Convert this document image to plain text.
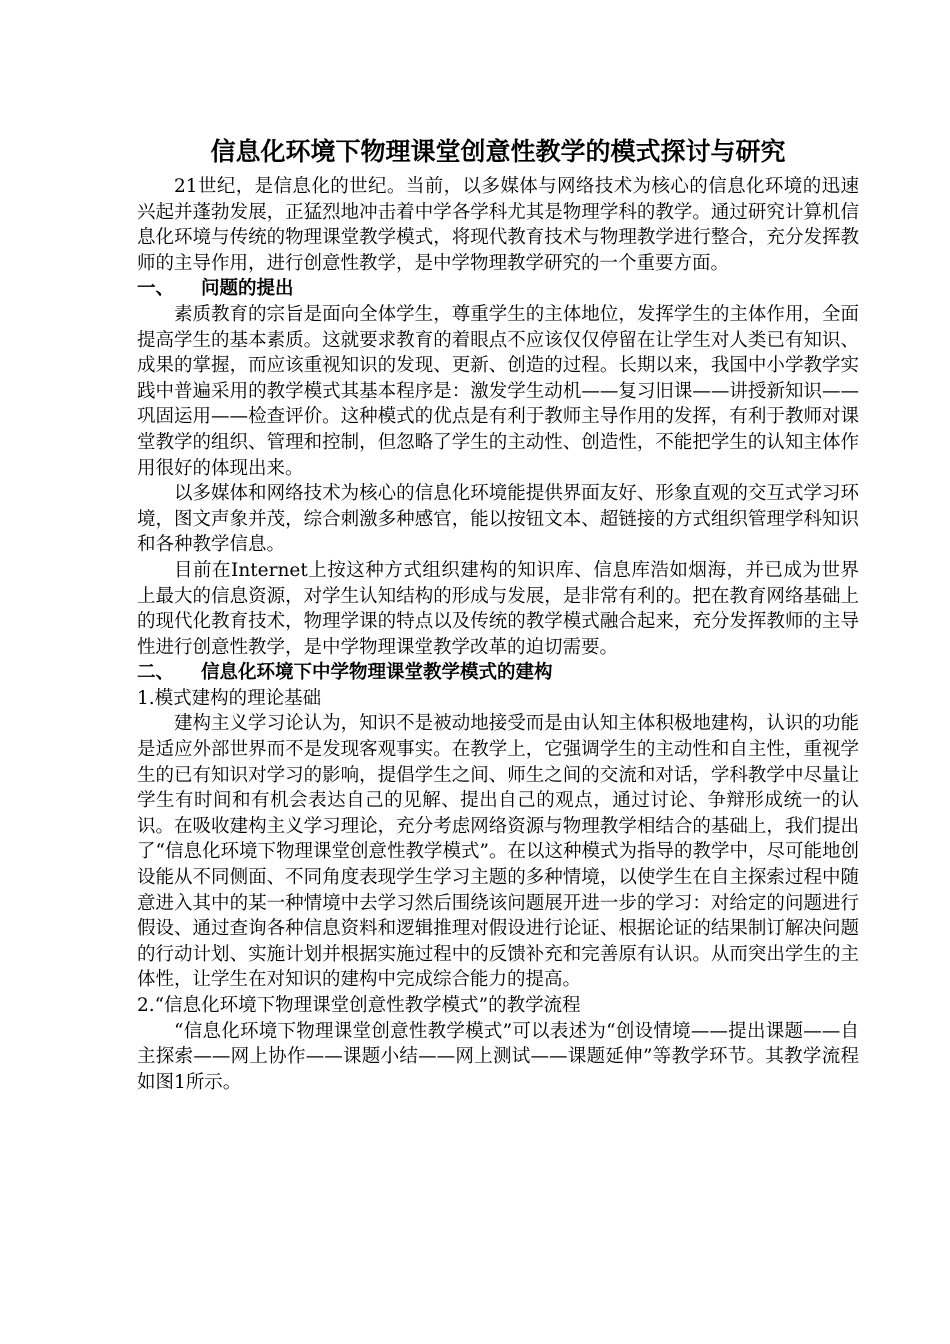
信息化环境下物理课堂创意性教学的模式探讨与研究

21世纪，是信息化的世纪。当前，以多媒体与网络技术为核心的信息化环境的迅速兴起并蓬勃发展，正猛烈地冲击着中学各学科尤其是物理学科的教学。通过研究计算机信息化环境与传统的物理课堂教学模式，将现代教育技术与物理教学进行整合，充分发挥教师的主导作用，进行创意性教学，是中学物理教学研究的一个重要方面。

一、	问题的提出

素质教育的宗旨是面向全体学生，尊重学生的主体地位，发挥学生的主体作用，全面提高学生的基本素质。这就要求教育的着眼点不应该仅仅停留在让学生对人类已有知识、成果的掌握，而应该重视知识的发现、更新、创造的过程。长期以来，我国中小学教学实践中普遍采用的教学模式其基本程序是：激发学生动机——复习旧课——讲授新知识——巩固运用——检查评价。这种模式的优点是有利于教师主导作用的发挥，有利于教师对课堂教学的组织、管理和控制，但忽略了学生的主动性、创造性，不能把学生的认知主体作用很好的体现出来。

以多媒体和网络技术为核心的信息化环境能提供界面友好、形象直观的交互式学习环境，图文声象并茂，综合刺激多种感官，能以按钮文本、超链接的方式组织管理学科知识和各种教学信息。

目前在Internet上按这种方式组织建构的知识库、信息库浩如烟海，并已成为世界上最大的信息资源，对学生认知结构的形成与发展，是非常有利的。把在教育网络基础上的现代化教育技术，物理学课的特点以及传统的教学模式融合起来，充分发挥教师的主导性进行创意性教学，是中学物理课堂教学改革的迫切需要。

二、	信息化环境下中学物理课堂教学模式的建构
1.模式建构的理论基础

建构主义学习论认为，知识不是被动地接受而是由认知主体积极地建构，认识的功能是适应外部世界而不是发现客观事实。在教学上，它强调学生的主动性和自主性，重视学生的已有知识对学习的影响，提倡学生之间、师生之间的交流和对话，学科教学中尽量让学生有时间和有机会表达自己的见解、提出自己的观点，通过讨论、争辩形成统一的认识。在吸收建构主义学习理论，充分考虑网络资源与物理教学相结合的基础上，我们提出了“信息化环境下物理课堂创意性教学模式”。在以这种模式为指导的教学中，尽可能地创设能从不同侧面、不同角度表现学生学习主题的多种情境，以使学生在自主探索过程中随意进入其中的某一种情境中去学习然后围绕该问题展开进一步的学习：对给定的问题进行假设、通过查询各种信息资料和逻辑推理对假设进行论证、根据论证的结果制订解决问题的行动计划、实施计划并根据实施过程中的反馈补充和完善原有认识。从而突出学生的主体性，让学生在对知识的建构中完成综合能力的提高。

2.“信息化环境下物理课堂创意性教学模式”的教学流程

“信息化环境下物理课堂创意性教学模式”可以表述为“创设情境——提出课题——自主探索——网上协作——课题小结——网上测试——课题延伸”等教学环节。其教学流程如图1所示。
